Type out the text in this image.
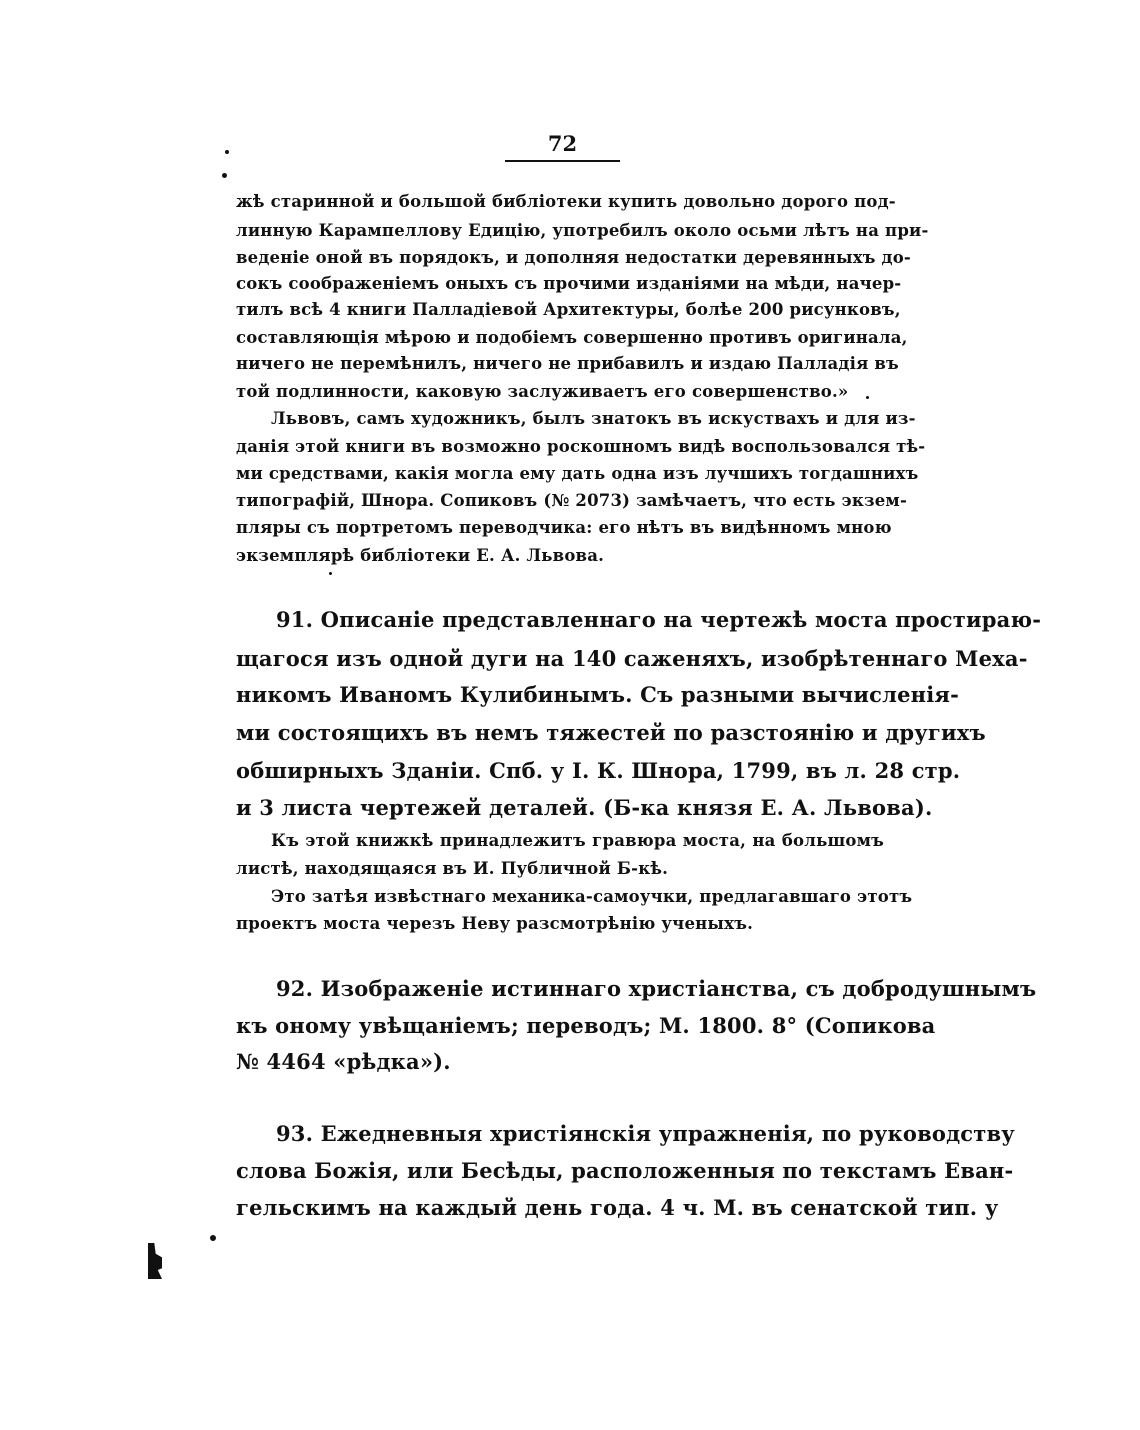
72

жѣ старинной и большой библіотеки купить довольно дорого под-

линную Карампеллову Едицію, употребилъ около осьми лѣтъ на при-

веденіе оной въ порядокъ, и дополняя недостатки деревянныхъ до-

сокъ соображеніемъ оныхъ съ прочими изданіями на мѣди, начер-

тилъ всѣ 4 книги Палладіевой Архитектуры, болѣе 200 рисунковъ,

составляющія мѣрою и подобіемъ совершенно противъ оригинала,

ничего не перемѣнилъ, ничего не прибавилъ и издаю Палладія въ

той подлинности, каковую заслуживаетъ его совершенство.»

Львовъ, самъ художникъ, былъ знатокъ въ искуствахъ и для из-

данія этой книги въ возможно роскошномъ видѣ воспользовался тѣ-

ми средствами, какія могла ему дать одна изъ лучшихъ тогдашнихъ

типографій, Шнора. Сопиковъ (№ 2073) замѣчаетъ, что есть экзем-

пляры съ портретомъ переводчика: его нѣтъ въ видѣнномъ мною

экземплярѣ библіотеки Е. А. Львова.

91. Описаніе представленнаго на чертежѣ моста простираю-

щагося изъ одной дуги на 140 саженяхъ, изобрѣтеннаго Меха-

никомъ Иваномъ Кулибинымъ. Съ разными вычисленія-

ми состоящихъ въ немъ тяжестей по разстоянію и другихъ

обширныхъ Зданіи. Спб. у I. К. Шнора, 1799, въ л. 28 стр.

и 3 листа чертежей деталей. (Б-ка князя Е. А. Львова).

Къ этой книжкѣ принадлежитъ гравюра моста, на большомъ

листѣ, находящаяся въ И. Публичной Б-кѣ.

Это затѣя извѣстнаго механика-самоучки, предлагавшаго этотъ

проектъ моста черезъ Неву разсмотрѣнію ученыхъ.

92. Изображеніе истиннаго христіанства, съ добродушнымъ

къ оному увѣщаніемъ; переводъ; М. 1800. 8° (Сопикова

№ 4464 «рѣдка»).

93. Ежедневныя христіянскія упражненія, по руководству

слова Божія, или Бесѣды, расположенныя по текстамъ Еван-

гельскимъ на каждый день года. 4 ч. М. въ сенатской тип. у
